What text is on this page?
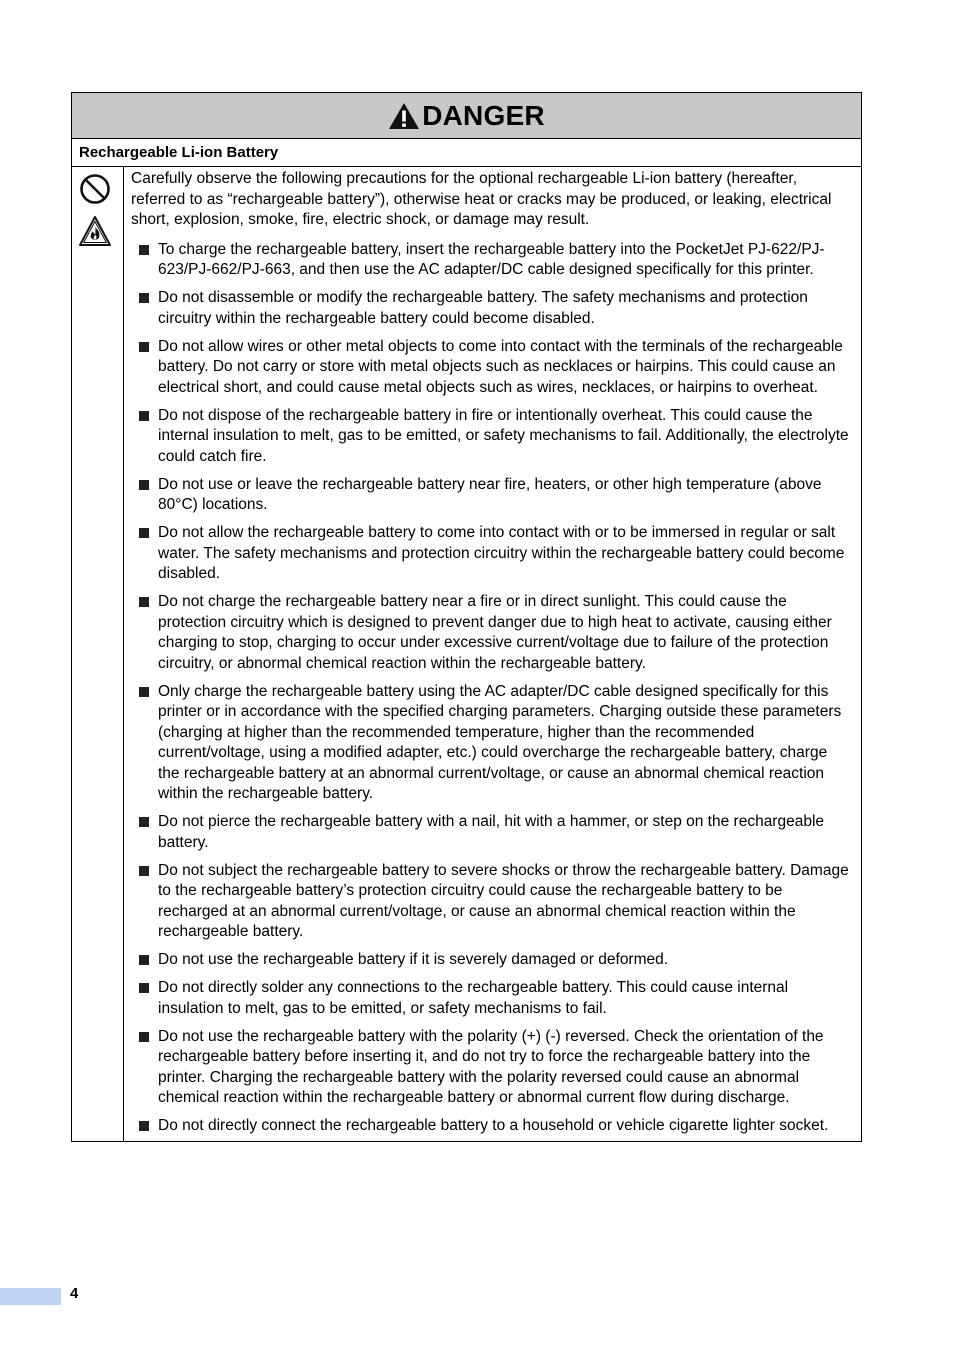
DANGER
Rechargeable Li-ion Battery

Carefully observe the following precautions for the optional rechargeable Li-ion battery (hereafter, referred to as “rechargeable battery”), otherwise heat or cracks may be produced, or leaking, electrical short, explosion, smoke, fire, electric shock, or damage may result.

To charge the rechargeable battery, insert the rechargeable battery into the PocketJet PJ-622/PJ-623/PJ-662/PJ-663, and then use the AC adapter/DC cable designed specifically for this printer.
Do not disassemble or modify the rechargeable battery. The safety mechanisms and protection circuitry within the rechargeable battery could become disabled.
Do not allow wires or other metal objects to come into contact with the terminals of the rechargeable battery. Do not carry or store with metal objects such as necklaces or hairpins. This could cause an electrical short, and could cause metal objects such as wires, necklaces, or hairpins to overheat.
Do not dispose of the rechargeable battery in fire or intentionally overheat. This could cause the internal insulation to melt, gas to be emitted, or safety mechanisms to fail. Additionally, the electrolyte could catch fire.
Do not use or leave the rechargeable battery near fire, heaters, or other high temperature (above 80°C) locations.
Do not allow the rechargeable battery to come into contact with or to be immersed in regular or salt water. The safety mechanisms and protection circuitry within the rechargeable battery could become disabled.
Do not charge the rechargeable battery near a fire or in direct sunlight. This could cause the protection circuitry which is designed to prevent danger due to high heat to activate, causing either charging to stop, charging to occur under excessive current/voltage due to failure of the protection circuitry, or abnormal chemical reaction within the rechargeable battery.
Only charge the rechargeable battery using the AC adapter/DC cable designed specifically for this printer or in accordance with the specified charging parameters. Charging outside these parameters (charging at higher than the recommended temperature, higher than the recommended current/voltage, using a modified adapter, etc.) could overcharge the rechargeable battery, charge the rechargeable battery at an abnormal current/voltage, or cause an abnormal chemical reaction within the rechargeable battery.
Do not pierce the rechargeable battery with a nail, hit with a hammer, or step on the rechargeable battery.
Do not subject the rechargeable battery to severe shocks or throw the rechargeable battery. Damage to the rechargeable battery’s protection circuitry could cause the rechargeable battery to be recharged at an abnormal current/voltage, or cause an abnormal chemical reaction within the rechargeable battery.
Do not use the rechargeable battery if it is severely damaged or deformed.
Do not directly solder any connections to the rechargeable battery. This could cause internal insulation to melt, gas to be emitted, or safety mechanisms to fail.
Do not use the rechargeable battery with the polarity (+) (-) reversed. Check the orientation of the rechargeable battery before inserting it, and do not try to force the rechargeable battery into the printer. Charging the rechargeable battery with the polarity reversed could cause an abnormal chemical reaction within the rechargeable battery or abnormal current flow during discharge.
Do not directly connect the rechargeable battery to a household or vehicle cigarette lighter socket.
4
